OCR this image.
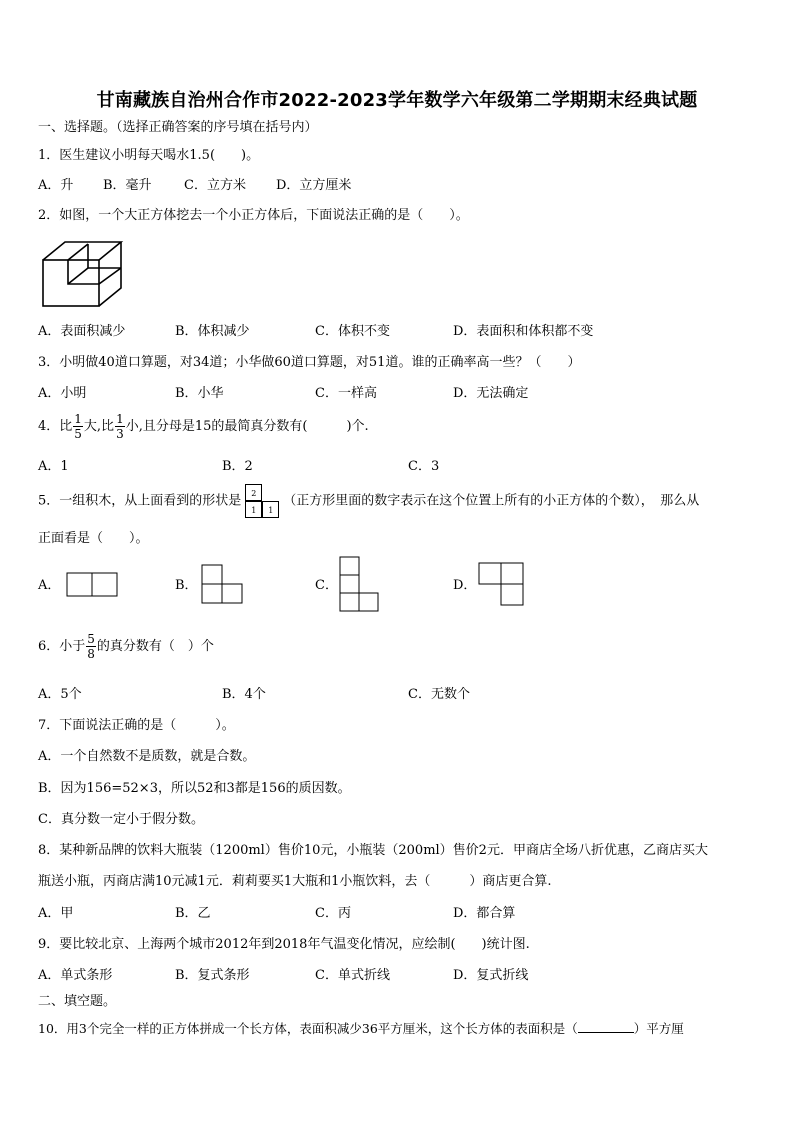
甘南藏族自治州合作市2022-2023学年数学六年级第二学期期末经典试题
一、选择题。（选择正确答案的序号填在括号内）
1．医生建议小明每天喝水1.5(　　)。
A．升 B．毫升 C．立方米 D．立方厘米
2．如图，一个大正方体挖去一个小正方体后，下面说法正确的是（　　）。
A．表面积减少	B．体积减少	C．体积不变	D．表面积和体积都不变
3．小明做40道口算题，对34道；小华做60道口算题，对51道。谁的正确率高一些？（　　）
A．小明	B．小华	C．一样高	D．无法确定
4．比 $\frac{1}{5}$ 大,比 $\frac{1}{3}$ 小,且分母是15的最简真分数有(　　　)个.
A．1	B．2	C．3
5．一组积木，从上面看到的形状是	2
1	1
（正方形里面的数字表示在这个位置上所有的小正方体的个数），　那么从
正面看是（　　）。
A．	B．	C．	D．
6．小于 $\frac{5}{8}$ 的真分数有（　）个
A．5个	B．4个	C．无数个
7．下面说法正确的是（　　　）。
A．一个自然数不是质数，就是合数。
B．因为156=52×3，所以52和3都是156的质因数。
C．真分数一定小于假分数。
8．某种新品牌的饮料大瓶装（1200ml）售价10元，小瓶装（200ml）售价2元．甲商店全场八折优惠，乙商店买大
瓶送小瓶，丙商店满10元减1元．莉莉要买1大瓶和1小瓶饮料，去（　　　）商店更合算.
A．甲	B．乙	C．丙	D．都合算
9．要比较北京、上海两个城市2012年到2018年气温变化情况，应绘制(　　)统计图.
A．单式条形	B．复式条形	C．单式折线	D．复式折线
二、填空题。
10．用3个完全一样的正方体拼成一个长方体，表面积减少36平方厘米，这个长方体的表面积是（	）平方厘
